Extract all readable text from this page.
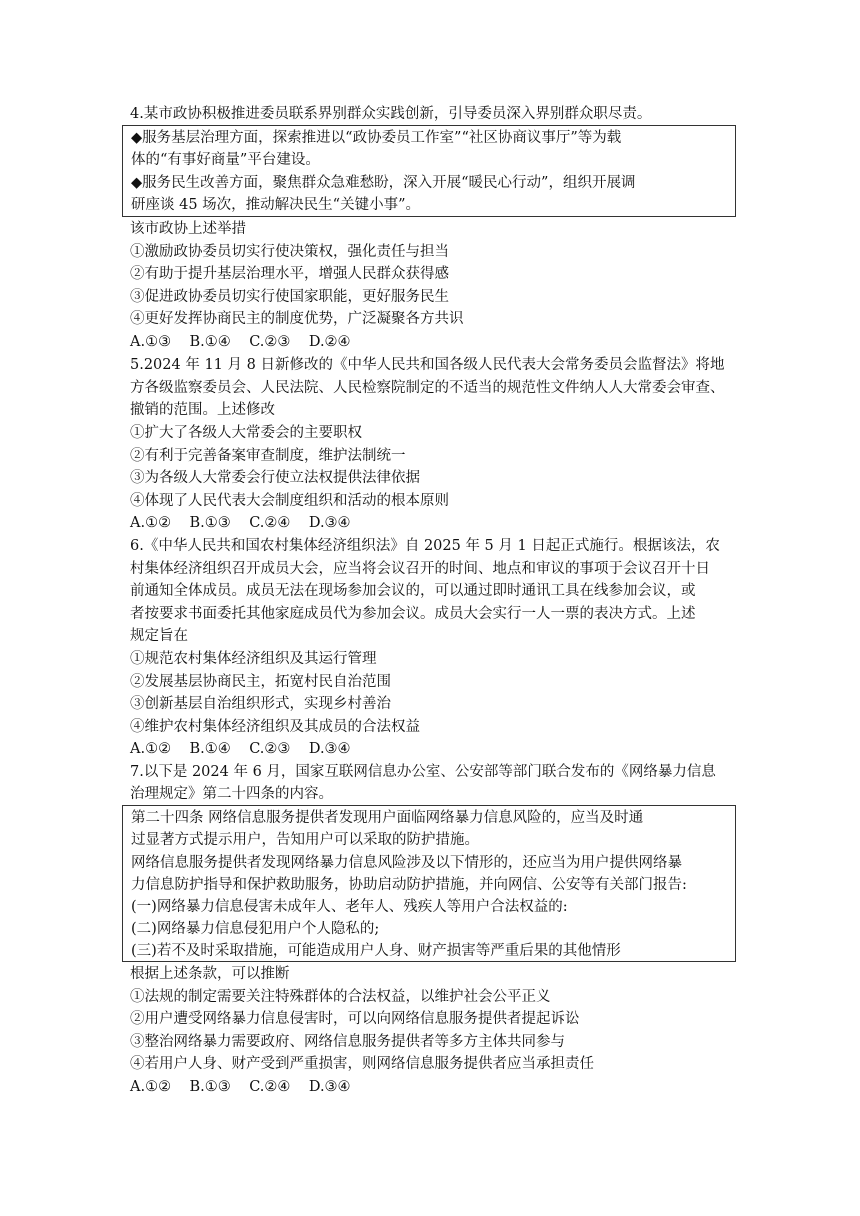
4.某市政协积极推进委员联系界别群众实践创新，引导委员深入界别群众职尽责。
◆服务基层治理方面，探索推进以“政协委员工作室”“社区协商议事厅”等为载
体的“有事好商量”平台建设。
◆服务民生改善方面，聚焦群众急难愁盼，深入开展“暖民心行动”，组织开展调
研座谈 45 场次，推动解决民生“关键小事”。
该市政协上述举措
①激励政协委员切实行使决策权，强化责任与担当
②有助于提升基层治理水平，增强人民群众获得感
③促进政协委员切实行使国家职能，更好服务民生
④更好发挥协商民主的制度优势，广泛凝聚各方共识
A.①③    B.①④    C.②③    D.②④
5.2024 年 11 月 8 日新修改的《中华人民共和国各级人民代表大会常务委员会监督法》将地
方各级监察委员会、人民法院、人民检察院制定的不适当的规范性文件纳人人大常委会审查、
撤销的范围。上述修改
①扩大了各级人大常委会的主要职权
②有利于完善备案审查制度，维护法制统一
③为各级人大常委会行使立法权提供法律依据
④体现了人民代表大会制度组织和活动的根本原则
A.①②    B.①③    C.②④    D.③④
6.《中华人民共和国农村集体经济组织法》自 2025 年 5 月 1 日起正式施行。根据该法，农
村集体经济组织召开成员大会，应当将会议召开的时间、地点和审议的事项于会议召开十日
前通知全体成员。成员无法在现场参加会议的，可以通过即时通讯工具在线参加会议，或
者按要求书面委托其他家庭成员代为参加会议。成员大会实行一人一票的表决方式。上述
规定旨在
①规范农村集体经济组织及其运行管理
②发展基层协商民主，拓宽村民自治范围
③创新基层自治组织形式，实现乡村善治
④维护农村集体经济组织及其成员的合法权益
A.①②    B.①④    C.②③    D.③④
7.以下是 2024 年 6 月，国家互联网信息办公室、公安部等部门联合发布的《网络暴力信息
治理规定》第二十四条的内容。
第二十四条 网络信息服务提供者发现用户面临网络暴力信息风险的，应当及时通
过显著方式提示用户，告知用户可以采取的防护措施。
网络信息服务提供者发现网络暴力信息风险涉及以下情形的，还应当为用户提供网络暴
力信息防护指导和保护救助服务，协助启动防护措施，并向网信、公安等有关部门报告:
(一)网络暴力信息侵害未成年人、老年人、残疾人等用户合法权益的:
(二)网络暴力信息侵犯用户个人隐私的;
(三)若不及时采取措施，可能造成用户人身、财产损害等严重后果的其他情形
根据上述条款，可以推断
①法规的制定需要关注特殊群体的合法权益，以维护社会公平正义
②用户遭受网络暴力信息侵害时，可以向网络信息服务提供者提起诉讼
③整治网络暴力需要政府、网络信息服务提供者等多方主体共同参与
④若用户人身、财产受到严重损害，则网络信息服务提供者应当承担责任
A.①②    B.①③    C.②④    D.③④
